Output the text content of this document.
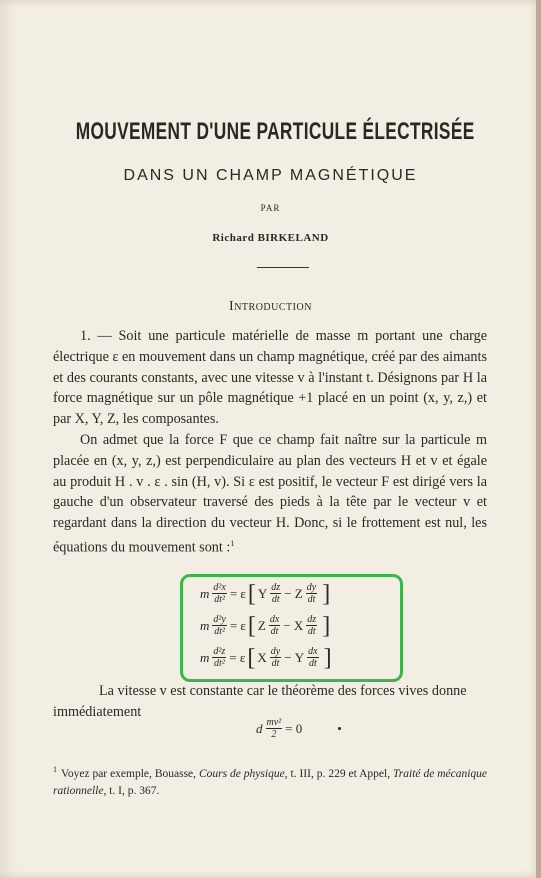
MOUVEMENT D'UNE PARTICULE ÉLECTRISÉE
DANS UN CHAMP MAGNÉTIQUE
PAR
Richard BIRKELAND
Introduction

1. — Soit une particule matérielle de masse m portant une charge électrique ε en mouvement dans un champ magnétique, créé par des aimants et des courants constants, avec une vitesse v à l'instant t. Désignons par H la force magnétique sur un pôle magnétique +1 placé en un point (x, y, z,) et par X, Y, Z, les composantes.

On admet que la force F que ce champ fait naître sur la particule m placée en (x, y, z,) est perpendiculaire au plan des vecteurs H et v et égale au produit H . v . ε . sin (H, v). Si ε est positif, le vecteur F est dirigé vers la gauche d'un observateur traversé des pieds à la tête par le vecteur v et regardant dans la direction du vecteur H. Donc, si le frottement est nul, les équations du mouvement sont :$^1$

m $\frac{\text{d²x}}{\text{dt²}}$ =
ε [ Y $\frac{dz}{dt}$ −
Z $\frac{dy}{dt}$ ]
m $\frac{\text{d²y}}{\text{dt²}}$ =
ε [ Z $\frac{dx}{dt}$ −
X $\frac{dz}{dt}$ ]
m $\frac{\text{d²z}}{\text{dt²}}$ =
ε [ X $\frac{dy}{dt}$ −
Y $\frac{dx}{dt}$ ]

La vitesse v est constante car le théorème des forces vives donne immédiatement

d $\frac{\text{mv²}}{2} = 0$
$^1$ Voyez par exemple, Bouasse, Cours de physique, t. III, p. 229 et Appel, Traité de mécanique rationnelle, t. I, p. 367.
